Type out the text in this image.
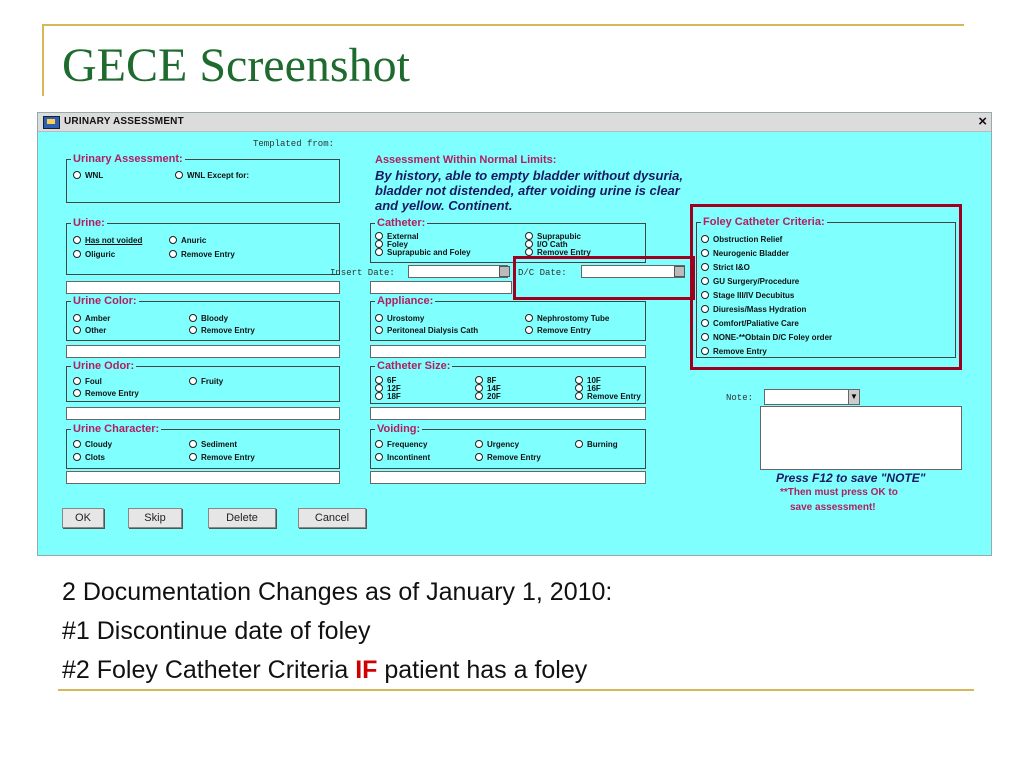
GECE Screenshot
URINARY ASSESSMENT	×
Templated from:
Urinary Assessment:
WNL	WNL Except for:
Assessment Within Normal Limits:
By history, able to empty bladder without dysuria, bladder not distended, after voiding urine is clear and yellow. Continent.
Urine:
Has not voided	Anuric
Oliguric	Remove Entry
Catheter:
External	Suprapubic
Foley	I/O Cath
Suprapubic and Foley	Remove Entry
Insert Date:	D/C Date:
Urine Color:
Amber	Bloody
Other	Remove Entry
Appliance:
Urostomy	Nephrostomy Tube
Peritoneal Dialysis Cath	Remove Entry
Urine Odor:
Foul	Fruity
Remove Entry
Catheter Size:
6F	8F	10F
12F	14F	16F
18F	20F	Remove Entry
Urine Character:
Cloudy	Sediment
Clots	Remove Entry
Voiding:
Frequency	Urgency	Burning
Incontinent	Remove Entry
Foley Catheter Criteria:
Obstruction Relief
Neurogenic Bladder
Strict I&O
GU Surgery/Procedure
Stage III/IV Decubitus
Diuresis/Mass Hydration
Comfort/Paliative Care
NONE-**Obtain D/C Foley order
Remove Entry
Note:	▼
Press F12 to save "NOTE"
**Then must press OK to
save assessment!
OK	Skip	Delete	Cancel
2 Documentation Changes as of January 1, 2010:
#1 Discontinue date of foley
#2 Foley Catheter Criteria IF patient has a foley
